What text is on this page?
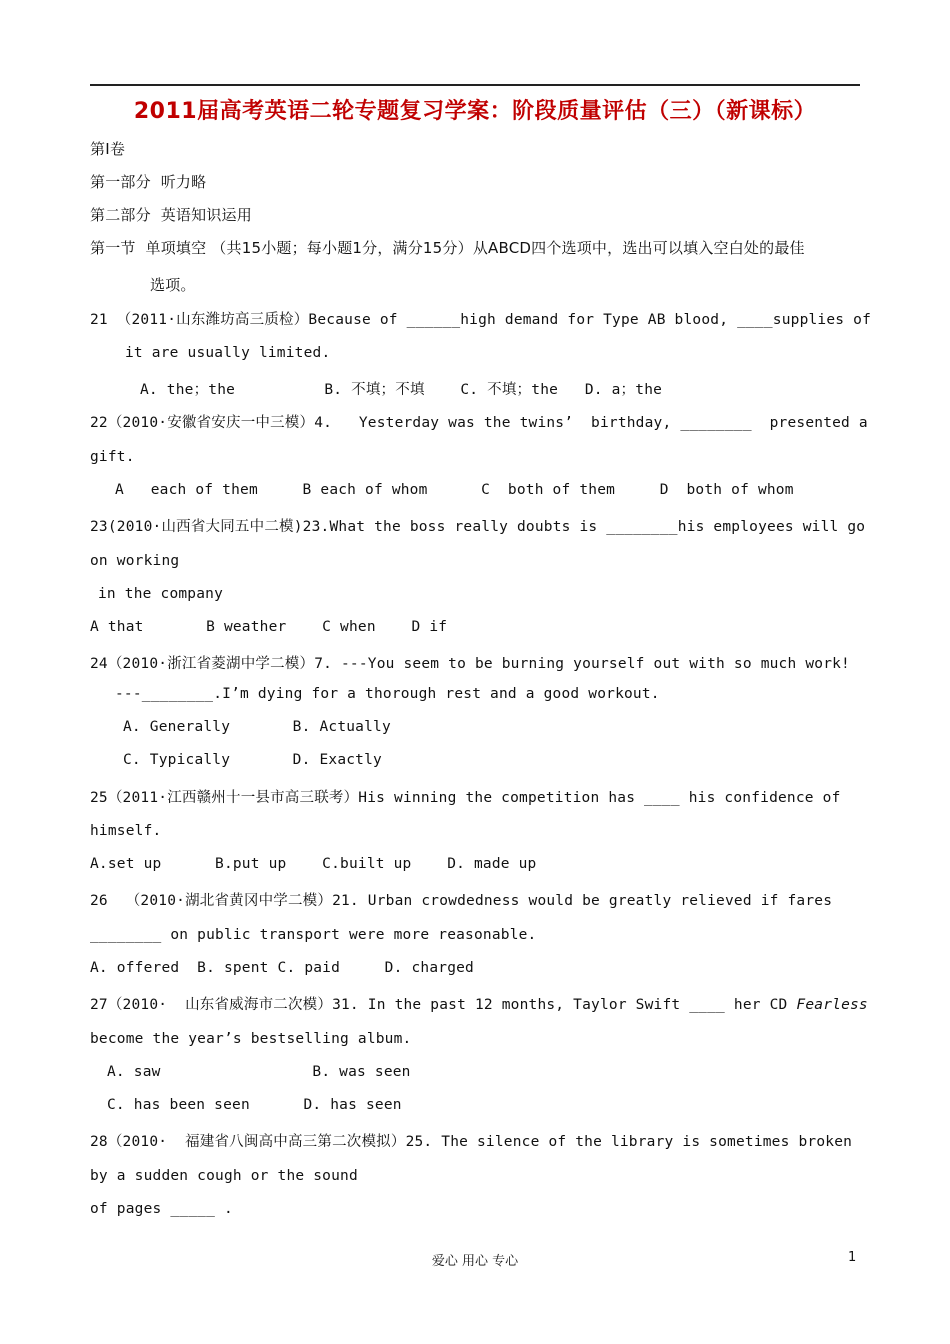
2011届高考英语二轮专题复习学案：阶段质量评估（三）（新课标）
第Ⅰ卷
第一部分  听力略
第二部分  英语知识运用
第一节  单项填空 （共15小题；每小题1分，满分15分）从ABCD四个选项中，选出可以填入空白处的最佳
选项。
21 （2011·山东潍坊高三质检）Because of ______high demand for Type AB blood, ____supplies of
it are usually limited.
A. the；the          B. 不填；不填    C. 不填；the   D. a；the
22（2010·安徽省安庆一中三模）4.   Yesterday was the twins’  birthday, ________  presented a
gift.
A   each of them     B each of whom      C  both of them     D  both of whom
23(2010·山西省大同五中二模)23.What the boss really doubts is ________his employees will go
on working
in the company
A that       B weather    C when    D if
24（2010·浙江省菱湖中学二模）7. ---You seem to be burning yourself out with so much work!
---________.I’m dying for a thorough rest and a good workout.
A. Generally       B. Actually
C. Typically       D. Exactly
25（2011·江西赣州十一县市高三联考）His winning the competition has ____ his confidence of
himself.
A.set up      B.put up    C.built up    D. made up
26  （2010·湖北省黄冈中学二模）21. Urban crowdedness would be greatly relieved if fares
________ on public transport were more reasonable.
A. offered  B. spent C. paid     D. charged
27（2010·  山东省威海市二次模）31. In the past 12 months, Taylor Swift ____ her CD Fearless
become the year’s bestselling album.
A. saw                 B. was seen
C. has been seen      D. has seen
28（2010·  福建省八闽高中高三第二次模拟）25. The silence of the library is sometimes broken
by a sudden cough or the sound
of pages _____ .
爱心 用心 专心	1
